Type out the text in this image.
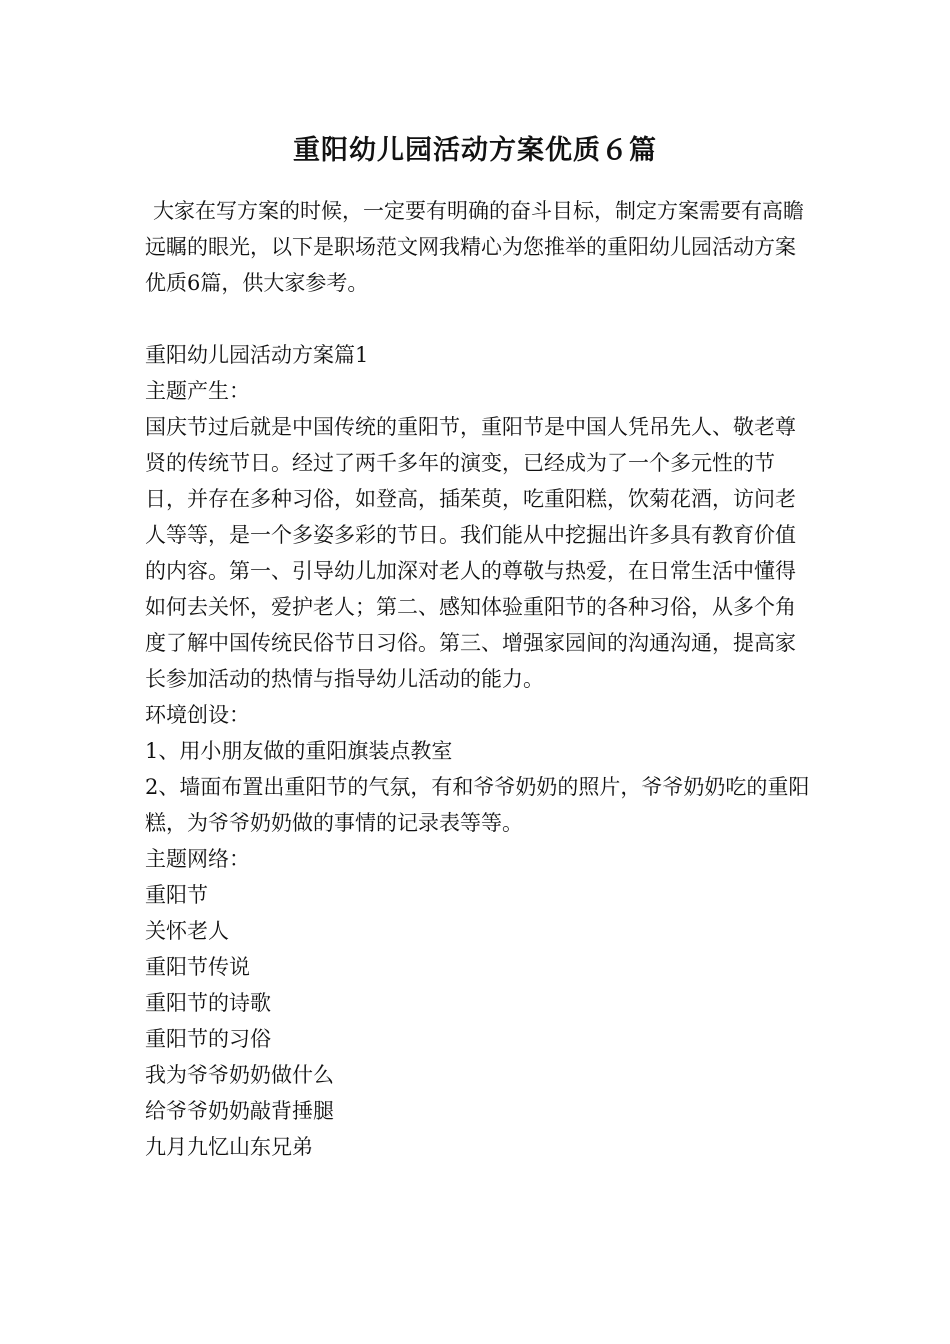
重阳幼儿园活动方案优质６篇

大家在写方案的时候，一定要有明确的奋斗目标，制定方案需要有高瞻远瞩的眼光，以下是职场范文网我精心为您推举的重阳幼儿园活动方案优质6篇，供大家参考。

重阳幼儿园活动方案篇1

主题产生：

国庆节过后就是中国传统的重阳节，重阳节是中国人凭吊先人、敬老尊贤的传统节日。经过了两千多年的演变，已经成为了一个多元性的节日，并存在多种习俗，如登高，插茱萸，吃重阳糕，饮菊花酒，访问老人等等，是一个多姿多彩的节日。我们能从中挖掘出许多具有教育价值的内容。第一、引导幼儿加深对老人的尊敬与热爱，在日常生活中懂得如何去关怀，爱护老人；第二、感知体验重阳节的各种习俗，从多个角度了解中国传统民俗节日习俗。第三、增强家园间的沟通沟通，提高家长参加活动的热情与指导幼儿活动的能力。

环境创设：

1、用小朋友做的重阳旗装点教室

2、墙面布置出重阳节的气氛，有和爷爷奶奶的照片，爷爷奶奶吃的重阳糕，为爷爷奶奶做的事情的记录表等等。

主题网络：

重阳节

关怀老人

重阳节传说

重阳节的诗歌

重阳节的习俗

我为爷爷奶奶做什么

给爷爷奶奶敲背捶腿

九月九忆山东兄弟
